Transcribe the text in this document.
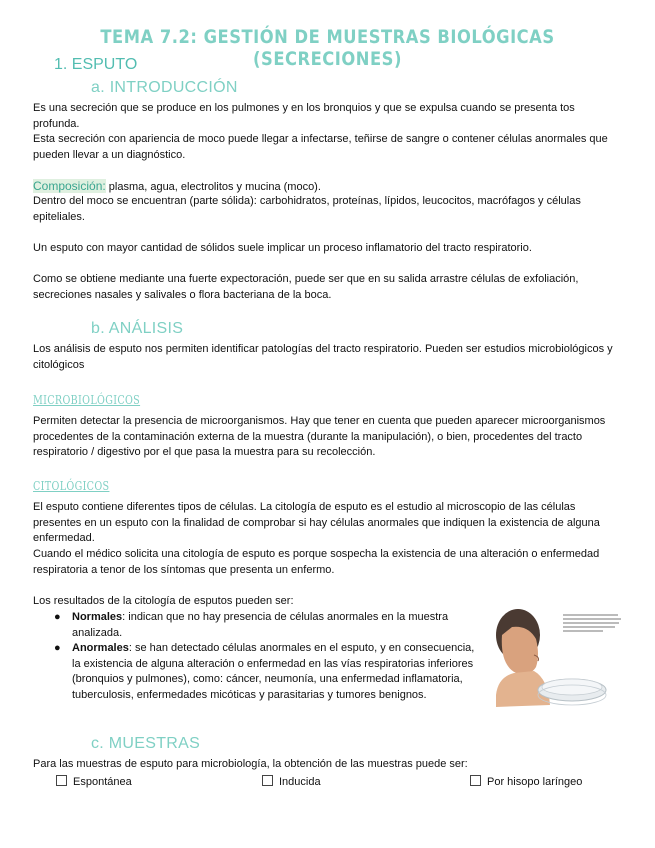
TEMA 7.2: GESTIÓN DE MUESTRAS BIOLÓGICAS (SECRECIONES)
1. ESPUTO
a. INTRODUCCIÓN
Es una secreción que se produce en los pulmones y en los bronquios y que se expulsa cuando se presenta tos profunda.
Esta secreción con apariencia de moco puede llegar a infectarse, teñirse de sangre o contener células anormales que pueden llevar a un diagnóstico.
Composición: plasma, agua, electrolitos y mucina (moco).
Dentro del moco se encuentran (parte sólida): carbohidratos, proteínas, lípidos, leucocitos, macrófagos y células epiteliales.
Un esputo con mayor cantidad de sólidos suele implicar un proceso inflamatorio del tracto respiratorio.
Como se obtiene mediante una fuerte expectoración, puede ser que en su salida arrastre células de exfoliación, secreciones nasales y salivales o flora bacteriana de la boca.
b. ANÁLISIS
Los análisis de esputo nos permiten identificar patologías del tracto respiratorio. Pueden ser estudios microbiológicos y citológicos
MICROBIOLÓGICOS
Permiten detectar la presencia de microorganismos. Hay que tener en cuenta que pueden aparecer microorganismos procedentes de la contaminación externa de la muestra (durante la manipulación), o bien, procedentes del tracto respiratorio / digestivo por el que pasa la muestra para su recolección.
CITOLÓGICOS
El esputo contiene diferentes tipos de células. La citología de esputo es el estudio al microscopio de las células presentes en un esputo con la finalidad de comprobar si hay células anormales que indiquen la existencia de alguna enfermedad.
Cuando el médico solicita una citología de esputo es porque sospecha la existencia de una alteración o enfermedad respiratoria a tenor de los síntomas que presenta un enfermo.
Los resultados de la citología de esputos pueden ser:
● Normales: indican que no hay presencia de células anormales en la muestra analizada.
● Anormales: se han detectado células anormales en el esputo, y en consecuencia, la existencia de alguna alteración o enfermedad en las vías respiratorias inferiores (bronquios y pulmones), como: cáncer, neumonía, una enfermedad inflamatoria, tuberculosis, enfermedades micóticas y parasitarias y tumores benignos.
c. MUESTRAS
Para las muestras de esputo para microbiología, la obtención de las muestras puede ser:
Espontánea	Inducida	Por hisopo laríngeo
